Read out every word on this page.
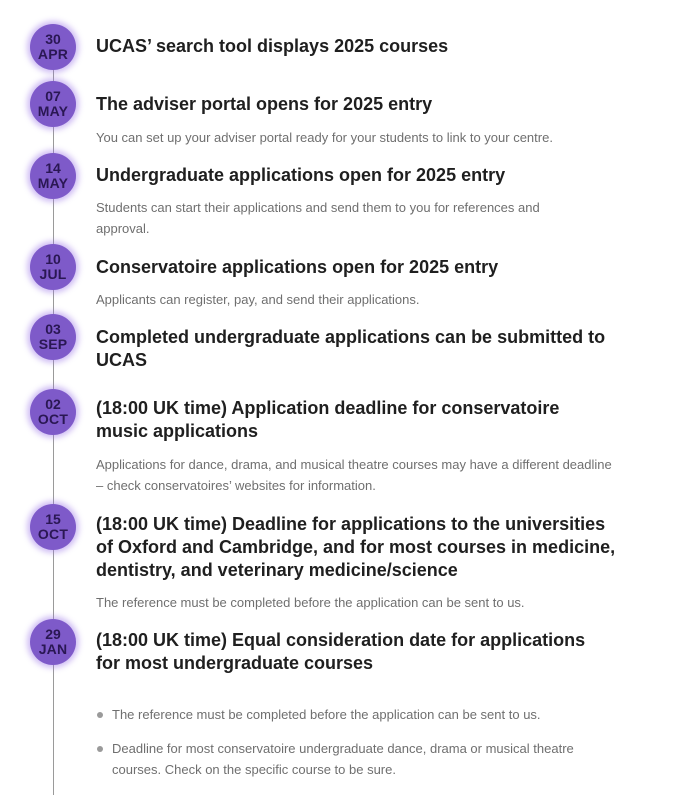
30
APR UCAS’ search tool displays 2025 courses
07
MAY The adviser portal opens for 2025 entry
You can set up your adviser portal ready for your students to link to your centre.
14
MAY Undergraduate applications open for 2025 entry
Students can start their applications and send them to you for references and approval.
10
JUL Conservatoire applications open for 2025 entry
Applicants can register, pay, and send their applications.
03
SEP Completed undergraduate applications can be submitted to UCAS
02
OCT
(18:00 UK time) Application deadline for conservatoire music applications
Applications for dance, drama, and musical theatre courses may have a different deadline – check conservatoires’ websites for information.
15
OCT (18:00 UK time) Deadline for applications to the universities of Oxford and Cambridge, and for most courses in medicine, dentistry, and veterinary medicine/science
The reference must be completed before the application can be sent to us.
29
JAN (18:00 UK time) Equal consideration date for applications for most undergraduate courses
The reference must be completed before the application can be sent to us.
Deadline for most conservatoire undergraduate dance, drama or musical theatre courses. Check on the specific course to be sure.
